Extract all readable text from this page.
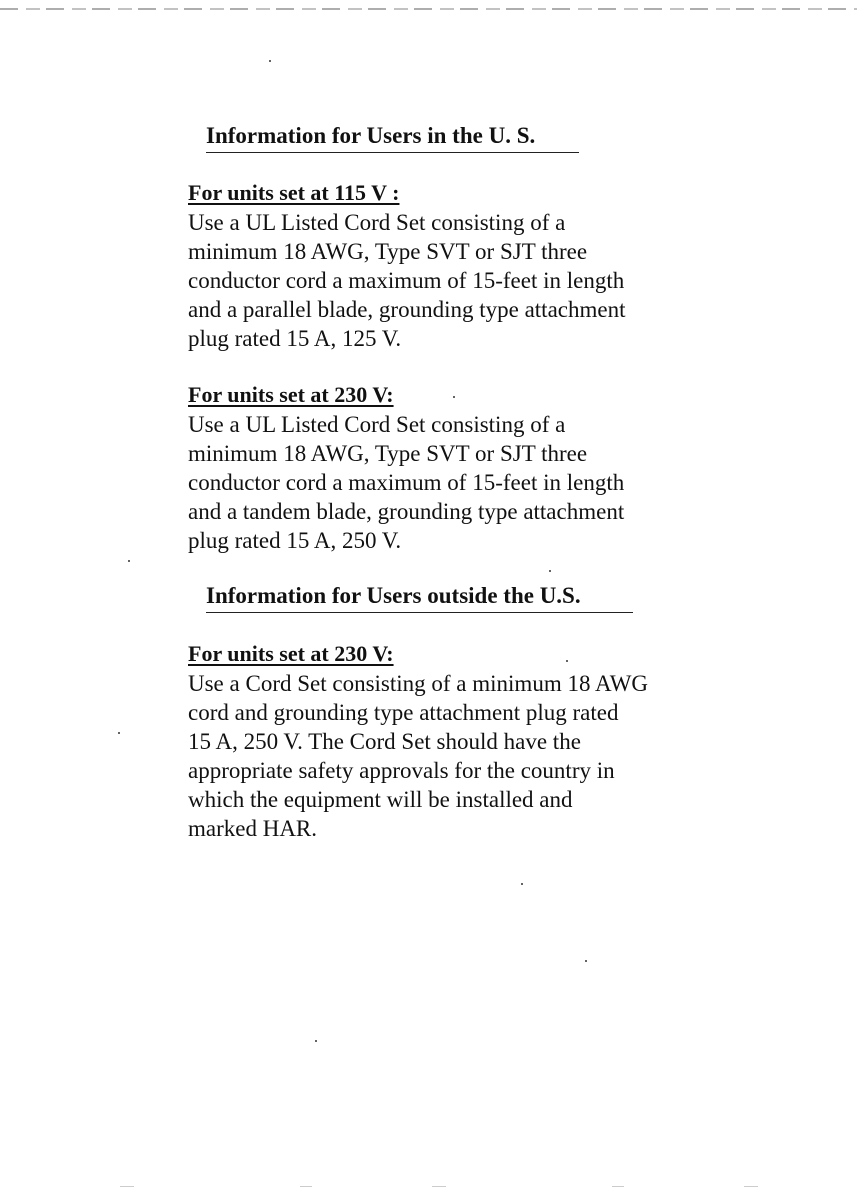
Information for Users in the U. S.
For units set at 115 V :
Use a UL Listed Cord Set consisting of a
minimum 18 AWG, Type SVT or SJT three
conductor cord a maximum of 15-feet in length
and a parallel blade, grounding type attachment
plug rated 15 A, 125 V.
For units set at 230 V:
Use a UL Listed Cord Set consisting of a
minimum 18 AWG, Type SVT or SJT three
conductor cord a maximum of 15-feet in length
and a tandem blade, grounding type attachment
plug rated 15 A, 250 V.
Information for Users outside the U.S.
For units set at 230 V:
Use a Cord Set consisting of a minimum 18 AWG
cord and grounding type attachment plug rated
15 A, 250 V. The Cord Set should have the
appropriate safety approvals for the country in
which the equipment will be installed and
marked HAR.
